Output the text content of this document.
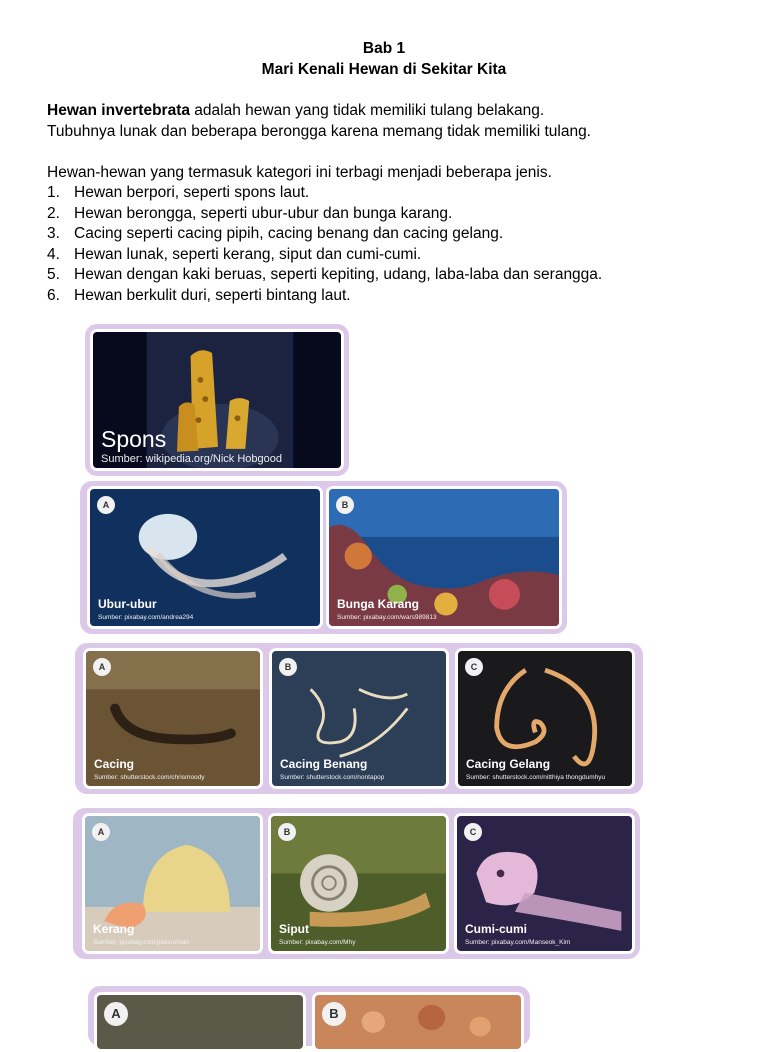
Bab 1
Mari Kenali Hewan di Sekitar Kita
Hewan invertebrata adalah hewan yang tidak memiliki tulang belakang.
Tubuhnya lunak dan beberapa berongga karena memang tidak memiliki tulang.
Hewan-hewan yang termasuk kategori ini terbagi menjadi beberapa jenis.
1. Hewan berpori, seperti spons laut.
2. Hewan berongga, seperti ubur-ubur dan bunga karang.
3. Cacing seperti cacing pipih, cacing benang dan cacing gelang.
4. Hewan lunak, seperti kerang, siput dan cumi-cumi.
5. Hewan dengan kaki beruas, seperti kepiting, udang, laba-laba dan serangga.
6. Hewan berkulit duri, seperti bintang laut.
Spons
Sumber: wikipedia.org/Nick Hobgood
A
Ubur-ubur
Sumber: pixabay.com/andrea294
B
Bunga Karang
Sumber: pixabay.com/wars989813
A
Cacing
Sumber: shutterstock.com/chrismoody
B
Cacing Benang
Sumber: shutterstock.com/nontapop
C
Cacing Gelang
Sumber: shutterstock.com/nitthiya thongdumhyu
A
Kerang
Sumber: pixabay.com/julesroman
B
Siput
Sumber: pixabay.com/Mhy
C
Cumi-cumi
Sumber: pixabay.com/Manseok_Kim
A	B
